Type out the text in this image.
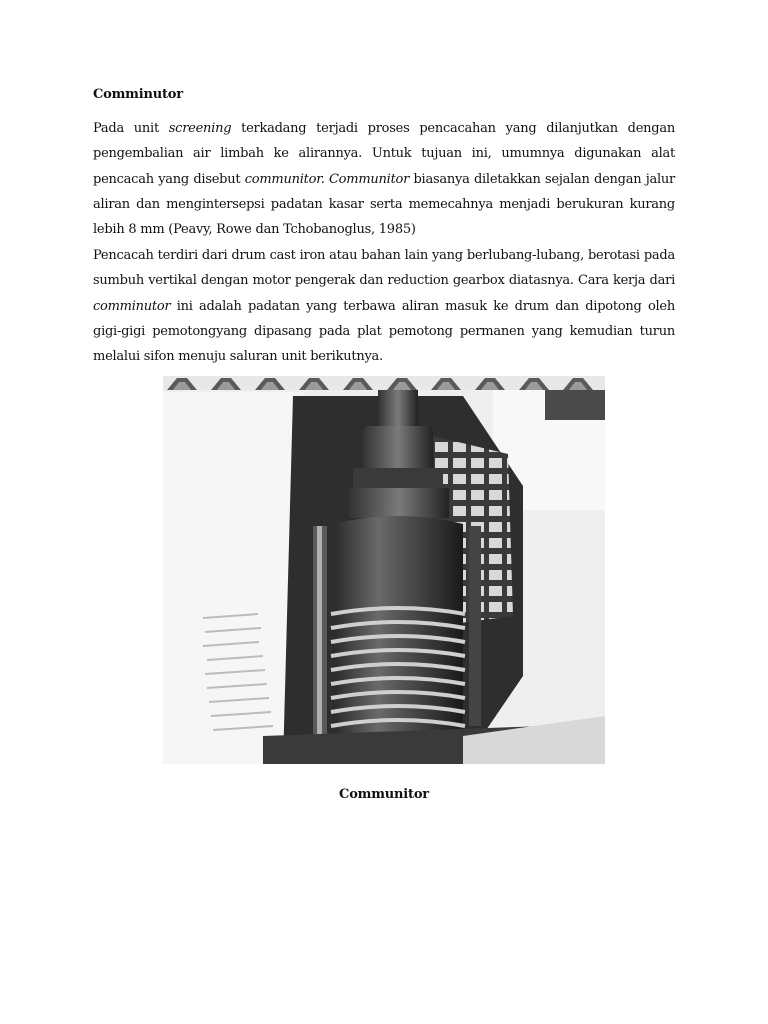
Comminutor

Pada unit screening terkadang terjadi proses pencacahan yang dilanjutkan dengan pengembalian air limbah ke alirannya. Untuk tujuan ini, umumnya digunakan alat pencacah yang disebut communitor. Communitor biasanya diletakkan sejalan dengan jalur aliran dan mengintersepsi padatan kasar serta memecahnya menjadi berukuran kurang lebih 8 mm (Peavy, Rowe dan Tchobanoglus, 1985)

Pencacah terdiri dari drum cast iron atau bahan lain yang berlubang-lubang, berotasi pada sumbuh vertikal dengan motor pengerak dan reduction gearbox diatasnya. Cara kerja dari comminutor ini adalah padatan yang terbawa aliran masuk ke drum dan dipotong oleh gigi-gigi pemotongyang dipasang pada plat pemotong permanen yang kemudian turun melalui sifon menuju saluran unit berikutnya.

Communitor
